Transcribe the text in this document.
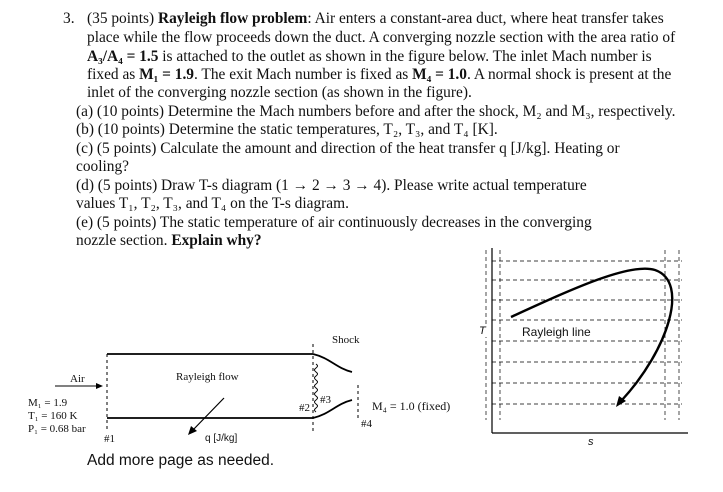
3. (35 points) Rayleigh flow problem: Air enters a constant-area duct, where heat transfer takes
place while the flow proceeds down the duct. A converging nozzle section with the area ratio of
A₃/A₄ = 1.5 is attached to the outlet as shown in the figure below. The inlet Mach number is
fixed as M₁ = 1.9. The exit Mach number is fixed as M₄ = 1.0. A normal shock is present at the
inlet of the converging nozzle section (as shown in the figure).
(a) (10 points) Determine the Mach numbers before and after the shock, M₂ and M₃, respectively.
(b) (10 points) Determine the static temperatures, T₂, T₃, and T₄ [K].
(c) (5 points) Calculate the amount and direction of the heat transfer q [J/kg]. Heating or
cooling?
(d) (5 points) Draw T-s diagram (1 → 2 → 3 → 4). Please write actual temperature
values T₁, T₂, T₃, and T₄ on the T-s diagram.
(e) (5 points) The static temperature of air continuously decreases in the converging
nozzle section. Explain why?
Air	Rayleigh flow
Shock
M₁ = 1.9
T₁ = 160 K
P₁ = 0.68 bar
#1
#2
#3
#4
q [J/kg]
M₄ = 1.0 (fixed)
T
s
Rayleigh line
Add more page as needed.
